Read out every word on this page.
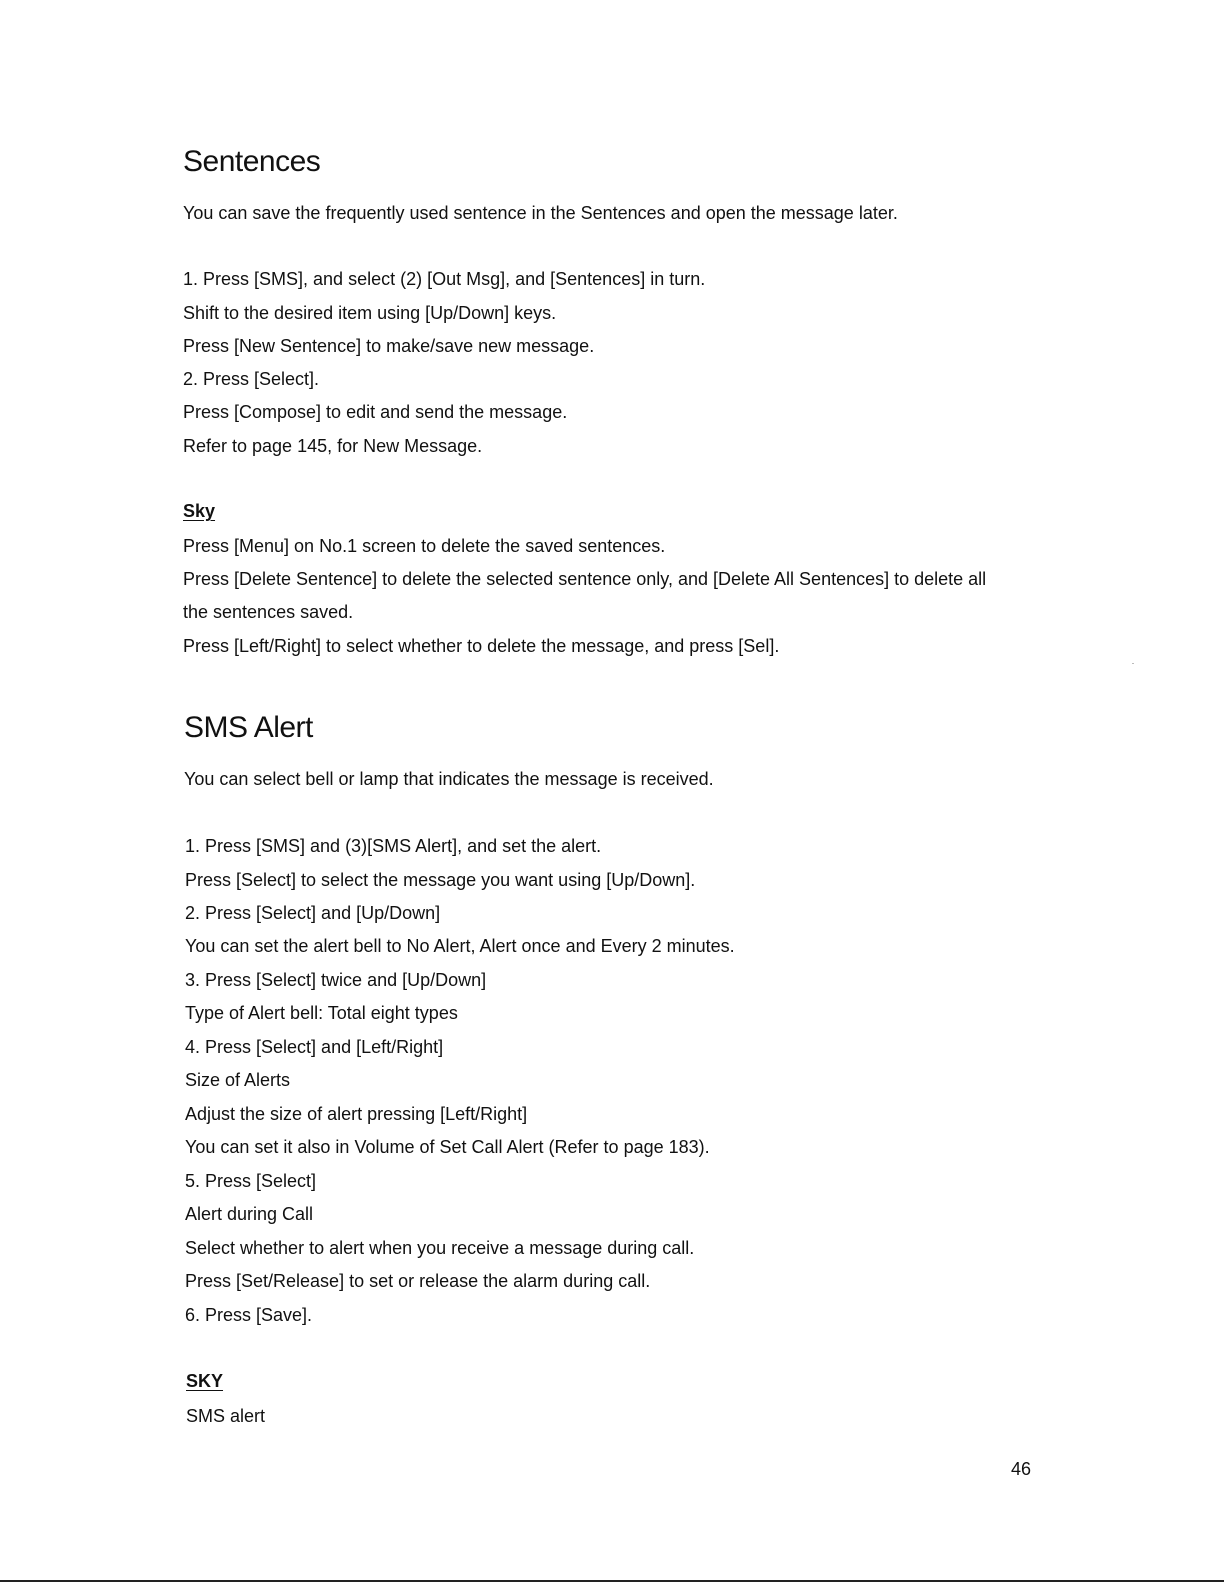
Sentences

You can save the frequently used sentence in the Sentences and open the message later.

1. Press [SMS], and select (2) [Out Msg], and [Sentences] in turn.

Shift to the desired item using [Up/Down] keys.

Press [New Sentence] to make/save new message.

2. Press [Select].

Press [Compose] to edit and send the message.

Refer to page 145, for New Message.

Sky

Press [Menu] on No.1 screen to delete the saved sentences.

Press [Delete Sentence] to delete the selected sentence only, and [Delete All Sentences] to delete all

the sentences saved.

Press [Left/Right] to select whether to delete the message, and press [Sel].

SMS Alert

You can select bell or lamp that indicates the message is received.

1. Press [SMS] and (3)[SMS Alert], and set the alert.

Press [Select] to select the message you want using [Up/Down].

2. Press [Select] and [Up/Down]

You can set the alert bell to No Alert, Alert once and Every 2 minutes.

3. Press [Select] twice and [Up/Down]

Type of Alert bell: Total eight types

4. Press [Select] and [Left/Right]

Size of Alerts

Adjust the size of alert pressing [Left/Right]

You can set it also in Volume of Set Call Alert (Refer to page 183).

5. Press [Select]

Alert during Call

Select whether to alert when you receive a message during call.

Press [Set/Release] to set or release the alarm during call.

6. Press [Save].

SKY

SMS alert

46
